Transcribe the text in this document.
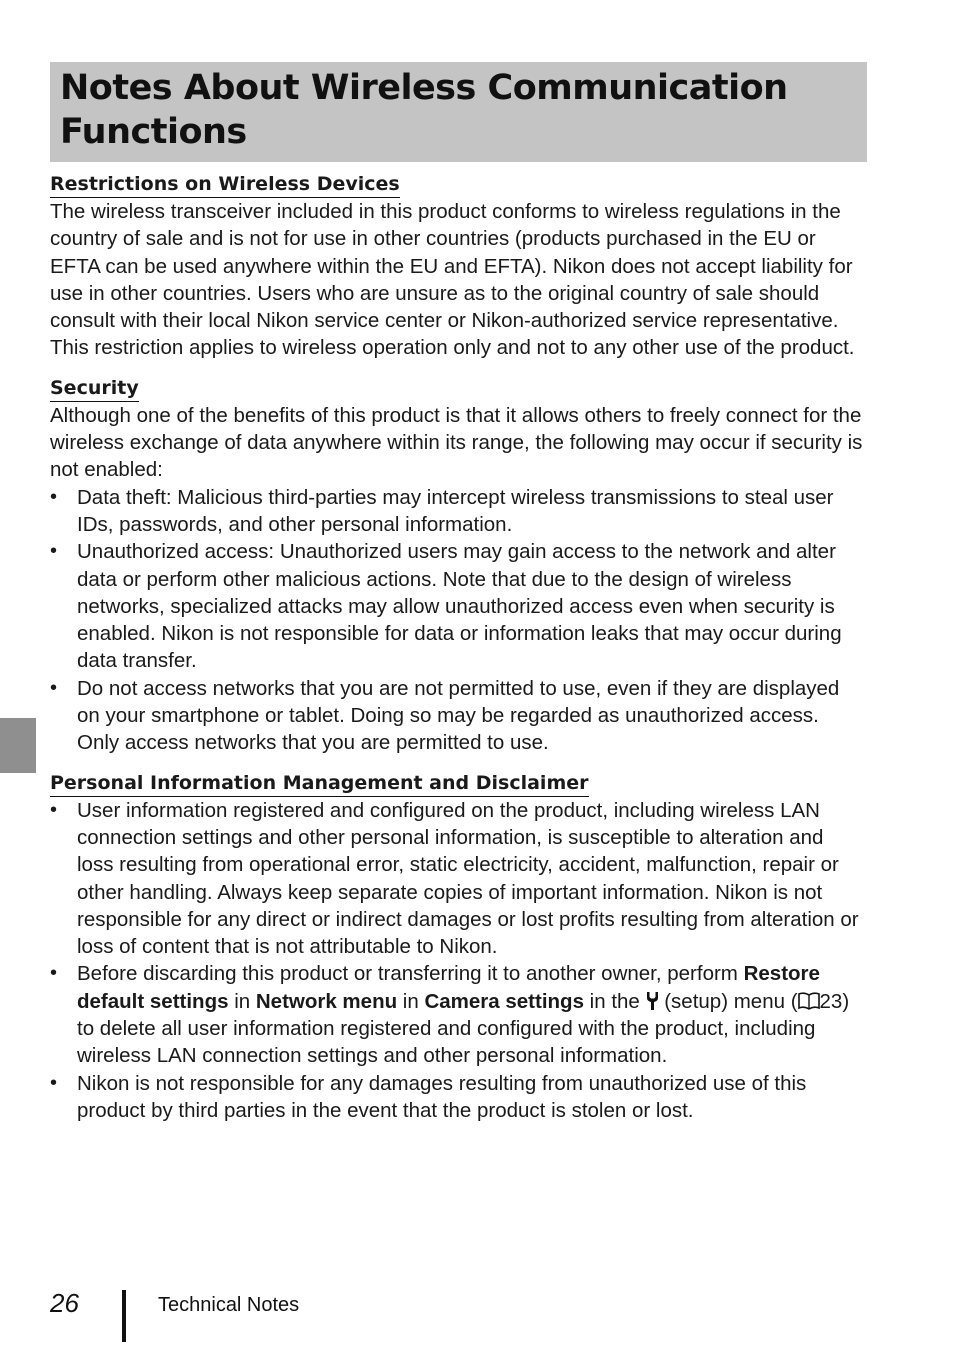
Notes About Wireless Communication
Functions
Restrictions on Wireless Devices

The wireless transceiver included in this product conforms to wireless regulations in the country of sale and is not for use in other countries (products purchased in the EU or EFTA can be used anywhere within the EU and EFTA). Nikon does not accept liability for use in other countries. Users who are unsure as to the original country of sale should consult with their local Nikon service center or Nikon-authorized service representative. This restriction applies to wireless operation only and not to any other use of the product.

Security

Although one of the benefits of this product is that it allows others to freely connect for the wireless exchange of data anywhere within its range, the following may occur if security is not enabled:

• Data theft: Malicious third-parties may intercept wireless transmissions to steal user IDs, passwords, and other personal information.
• Unauthorized access: Unauthorized users may gain access to the network and alter data or perform other malicious actions. Note that due to the design of wireless networks, specialized attacks may allow unauthorized access even when security is enabled. Nikon is not responsible for data or information leaks that may occur during data transfer.
• Do not access networks that you are not permitted to use, even if they are displayed on your smartphone or tablet. Doing so may be regarded as unauthorized access. Only access networks that you are permitted to use.
Personal Information Management and Disclaimer
• User information registered and configured on the product, including wireless LAN connection settings and other personal information, is susceptible to alteration and loss resulting from operational error, static electricity, accident, malfunction, repair or other handling. Always keep separate copies of important information. Nikon is not responsible for any direct or indirect damages or lost profits resulting from alteration or loss of content that is not attributable to Nikon.
• Before discarding this product or transferring it to another owner, perform Restore default settings in Network menu in Camera settings in the  (setup) menu ( 23) to delete all user information registered and configured with the product, including wireless LAN connection settings and other personal information.
• Nikon is not responsible for any damages resulting from unauthorized use of this product by third parties in the event that the product is stolen or lost.
26	Technical Notes
